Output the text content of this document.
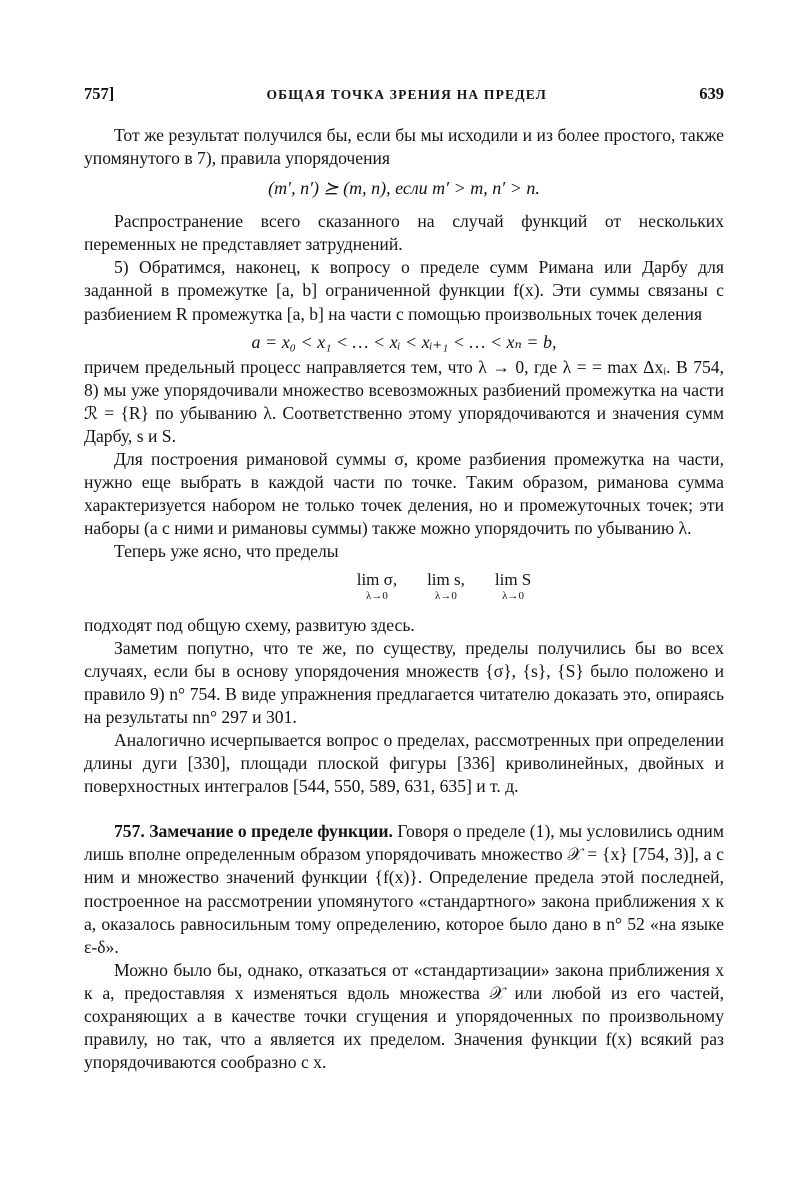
757]	ОБЩАЯ ТОЧКА ЗРЕНИЯ НА ПРЕДЕЛ	639

Тот же результат получился бы, если бы мы исходили и из более простого, также упомянутого в 7), правила упорядочения

(m′, n′) ⪰ (m, n), если m′ > m, n′ > n.

Распространение всего сказанного на случай функций от нескольких переменных не представляет затруднений.

5) Обратимся, наконец, к вопросу о пределе сумм Римана или Дарбу для заданной в промежутке [a, b] ограниченной функции f(x). Эти суммы связаны с разбиением R промежутка [a, b] на части с помощью произвольных точек деления

a = x₀ < x₁ < … < xᵢ < xᵢ₊₁ < … < xₙ = b,

причем предельный процесс направляется тем, что λ → 0, где λ = = max Δxᵢ. В 754, 8) мы уже упорядочивали множество всевозможных разбиений промежутка на части ℛ = {R} по убыванию λ. Соответственно этому упорядочиваются и значения сумм Дарбу, s и S.

Для построения римановой суммы σ, кроме разбиения промежутка на части, нужно еще выбрать в каждой части по точке. Таким образом, риманова сумма характеризуется набором не только точек деления, но и промежуточных точек; эти наборы (а с ними и римановы суммы) также можно упорядочить по убыванию λ.

Теперь уже ясно, что пределы

lim σ,
λ→0
lim s,
λ→0
lim S
λ→0

подходят под общую схему, развитую здесь.

Заметим попутно, что те же, по существу, пределы получились бы во всех случаях, если бы в основу упорядочения множеств {σ}, {s}, {S} было положено и правило 9) n° 754. В виде упражнения предлагается читателю доказать это, опираясь на результаты nn° 297 и 301.

Аналогично исчерпывается вопрос о пределах, рассмотренных при определении длины дуги [330], площади плоской фигуры [336] криволинейных, двойных и поверхностных интегралов [544, 550, 589, 631, 635] и т. д.

757. Замечание о пределе функции. Говоря о пределе (1), мы условились одним лишь вполне определенным образом упорядочивать множество 𝒳 = {x} [754, 3)], а с ним и множество значений функции {f(x)}. Определение предела этой последней, построенное на рассмотрении упомянутого «стандартного» закона приближения x к a, оказалось равносильным тому определению, которое было дано в n° 52 «на языке ε-δ».

Можно было бы, однако, отказаться от «стандартизации» закона приближения x к a, предоставляя x изменяться вдоль множества 𝒳 или любой из его частей, сохраняющих a в качестве точки сгущения и упорядоченных по произвольному правилу, но так, что a является их пределом. Значения функции f(x) всякий раз упорядочиваются сообразно с x.
